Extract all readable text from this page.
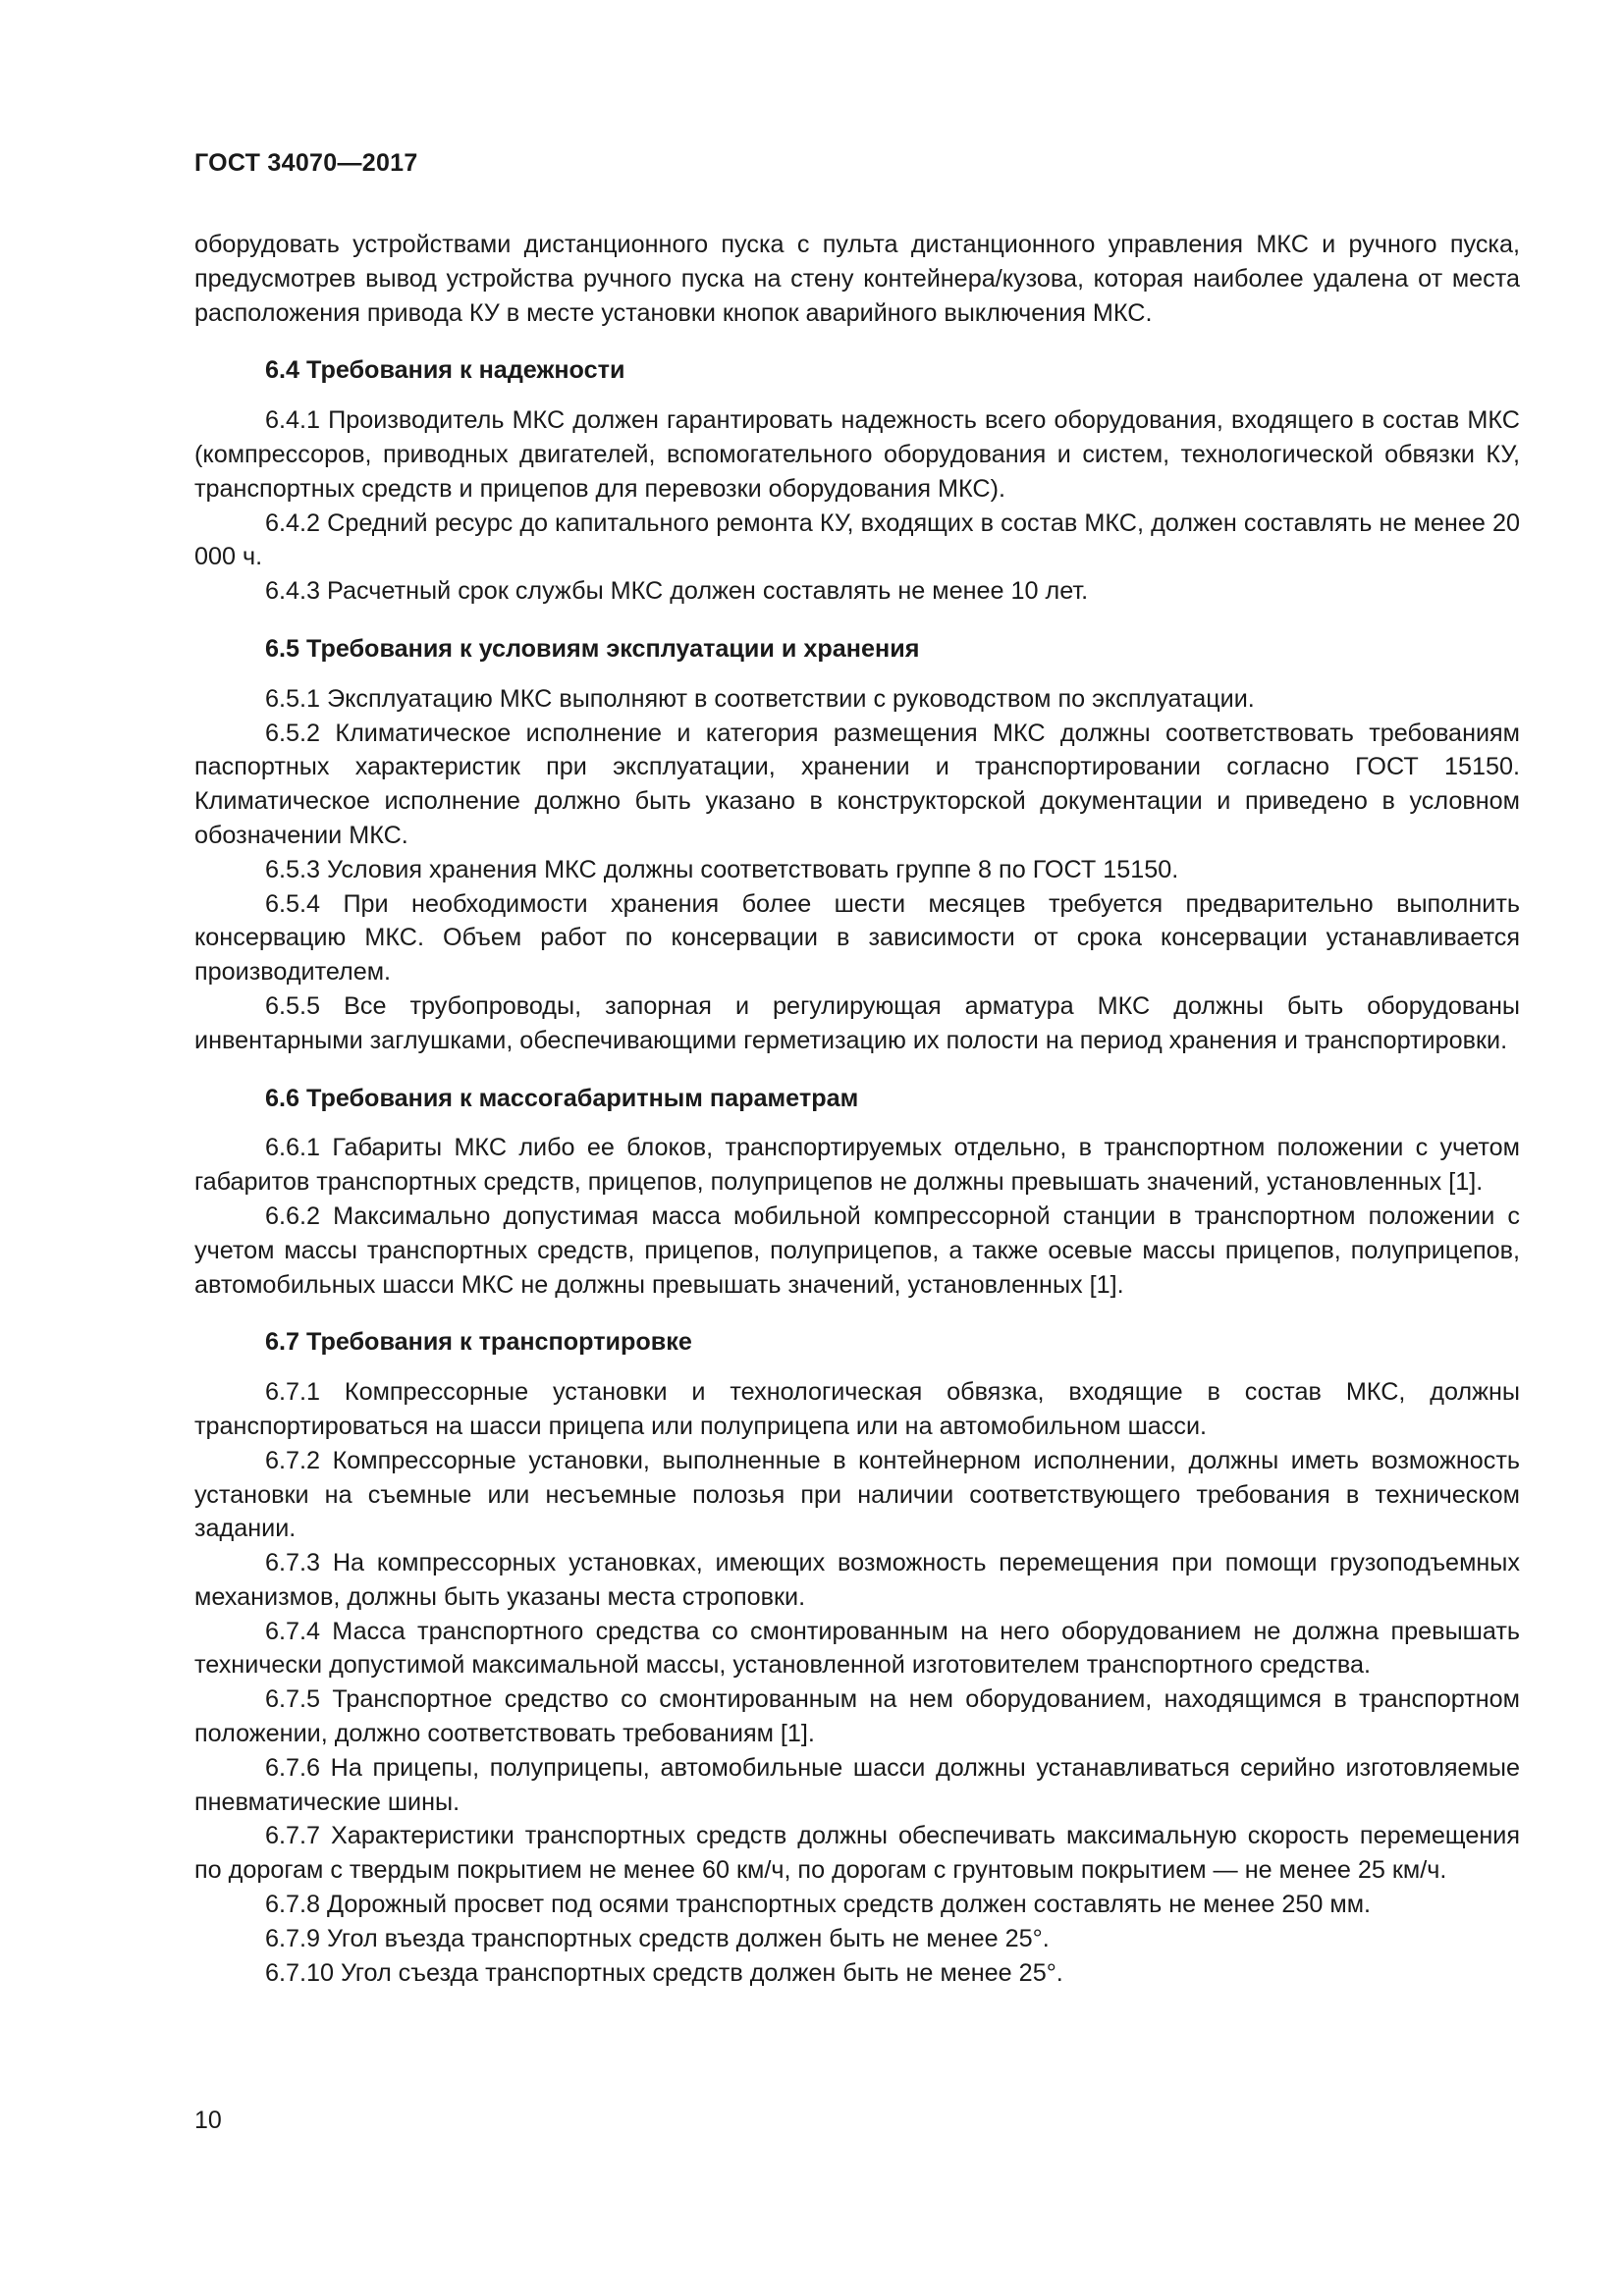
ГОСТ 34070—2017

оборудовать устройствами дистанционного пуска с пульта дистанционного управления МКС и ручного пуска, предусмотрев вывод устройства ручного пуска на стену контейнера/кузова, которая наиболее удалена от места расположения привода КУ в месте установки кнопок аварийного выключения МКС.

6.4 Требования к надежности

6.4.1 Производитель МКС должен гарантировать надежность всего оборудования, входящего в состав МКС (компрессоров, приводных двигателей, вспомогательного оборудования и систем, технологической обвязки КУ, транспортных средств и прицепов для перевозки оборудования МКС).

6.4.2 Средний ресурс до капитального ремонта КУ, входящих в состав МКС, должен составлять не менее 20 000 ч.

6.4.3 Расчетный срок службы МКС должен составлять не менее 10 лет.

6.5 Требования к условиям эксплуатации и хранения

6.5.1 Эксплуатацию МКС выполняют в соответствии с руководством по эксплуатации.

6.5.2 Климатическое исполнение и категория размещения МКС должны соответствовать требованиям паспортных характеристик при эксплуатации, хранении и транспортировании согласно ГОСТ 15150. Климатическое исполнение должно быть указано в конструкторской документации и приведено в условном обозначении МКС.

6.5.3 Условия хранения МКС должны соответствовать группе 8 по ГОСТ 15150.

6.5.4 При необходимости хранения более шести месяцев требуется предварительно выполнить консервацию МКС. Объем работ по консервации в зависимости от срока консервации устанавливается производителем.

6.5.5 Все трубопроводы, запорная и регулирующая арматура МКС должны быть оборудованы инвентарными заглушками, обеспечивающими герметизацию их полости на период хранения и транспортировки.

6.6 Требования к массогабаритным параметрам

6.6.1 Габариты МКС либо ее блоков, транспортируемых отдельно, в транспортном положении с учетом габаритов транспортных средств, прицепов, полуприцепов не должны превышать значений, установленных [1].

6.6.2 Максимально допустимая масса мобильной компрессорной станции в транспортном положении с учетом массы транспортных средств, прицепов, полуприцепов, а также осевые массы прицепов, полуприцепов, автомобильных шасси МКС не должны превышать значений, установленных [1].

6.7 Требования к транспортировке

6.7.1 Компрессорные установки и технологическая обвязка, входящие в состав МКС, должны транспортироваться на шасси прицепа или полуприцепа или на автомобильном шасси.

6.7.2 Компрессорные установки, выполненные в контейнерном исполнении, должны иметь возможность установки на съемные или несъемные полозья при наличии соответствующего требования в техническом задании.

6.7.3 На компрессорных установках, имеющих возможность перемещения при помощи грузоподъемных механизмов, должны быть указаны места строповки.

6.7.4 Масса транспортного средства со смонтированным на него оборудованием не должна превышать технически допустимой максимальной массы, установленной изготовителем транспортного средства.

6.7.5 Транспортное средство со смонтированным на нем оборудованием, находящимся в транспортном положении, должно соответствовать требованиям [1].

6.7.6 На прицепы, полуприцепы, автомобильные шасси должны устанавливаться серийно изготовляемые пневматические шины.

6.7.7 Характеристики транспортных средств должны обеспечивать максимальную скорость перемещения по дорогам с твердым покрытием не менее 60 км/ч, по дорогам с грунтовым покрытием — не менее 25 км/ч.

6.7.8 Дорожный просвет под осями транспортных средств должен составлять не менее 250 мм.

6.7.9 Угол въезда транспортных средств должен быть не менее 25°.

6.7.10 Угол съезда транспортных средств должен быть не менее 25°.

10
